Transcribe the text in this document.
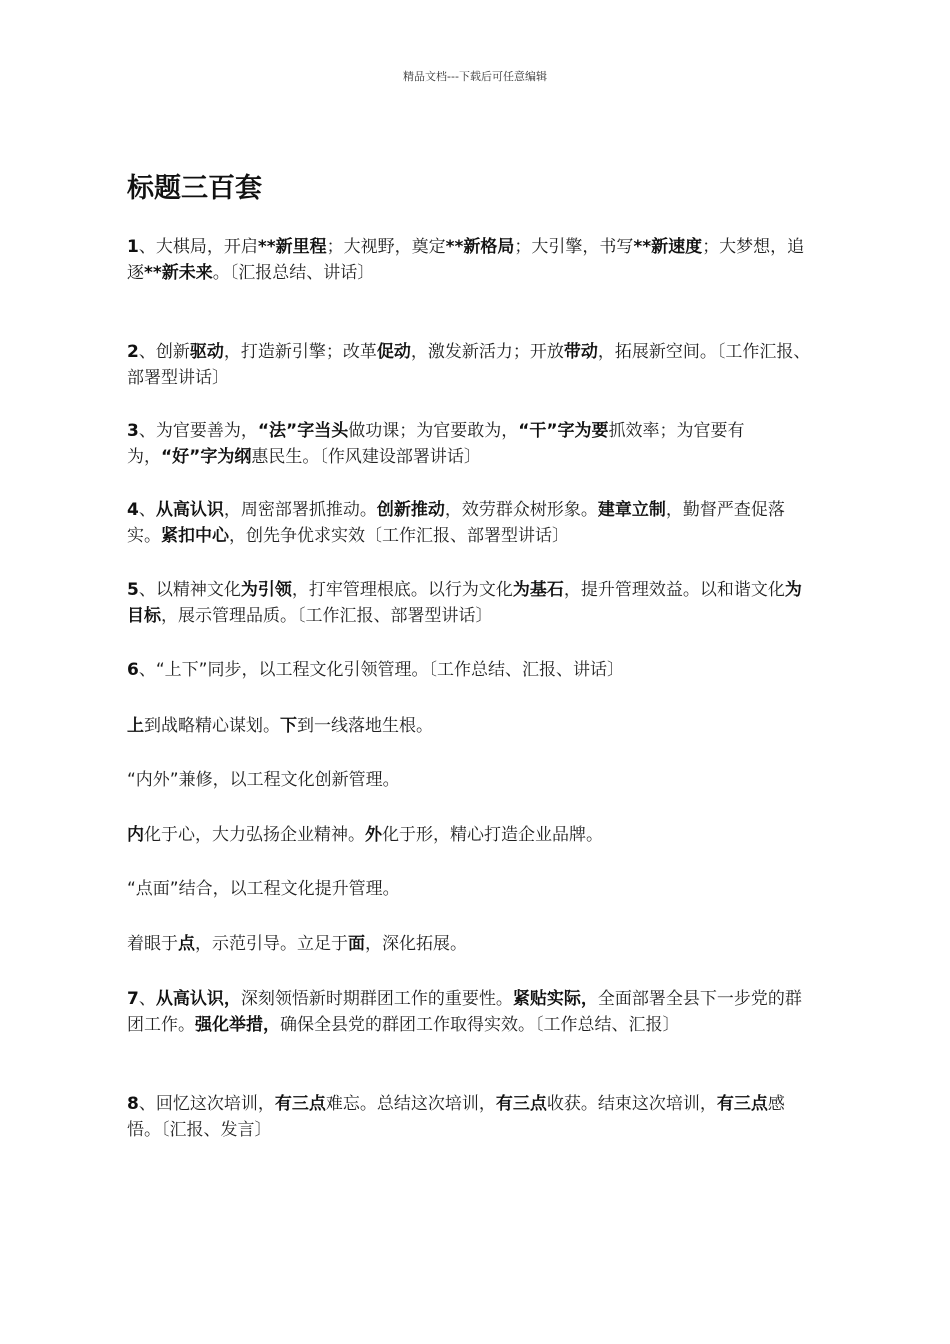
精品文档---下载后可任意编辑
标题三百套

1、大棋局，开启**新里程；大视野，奠定**新格局；大引擎，书写**新速度；大梦想，追逐**新未来。〔汇报总结、讲话〕

2、创新驱动，打造新引擎；改革促动，激发新活力；开放带动，拓展新空间。〔工作汇报、部署型讲话〕

3、为官要善为，“法”字当头做功课；为官要敢为，“干”字为要抓效率；为官要有为，“好”字为纲惠民生。〔作风建设部署讲话〕

4、从高认识，周密部署抓推动。创新推动，效劳群众树形象。建章立制，勤督严查促落实。紧扣中心，创先争优求实效〔工作汇报、部署型讲话〕

5、以精神文化为引领，打牢管理根底。以行为文化为基石，提升管理效益。以和谐文化为目标，展示管理品质。〔工作汇报、部署型讲话〕

6、“上下”同步，以工程文化引领管理。〔工作总结、汇报、讲话〕

上到战略精心谋划。下到一线落地生根。

“内外”兼修，以工程文化创新管理。

内化于心，大力弘扬企业精神。外化于形，精心打造企业品牌。

“点面”结合，以工程文化提升管理。

着眼于点，示范引导。立足于面，深化拓展。

7、从高认识，深刻领悟新时期群团工作的重要性。紧贴实际，全面部署全县下一步党的群团工作。强化举措，确保全县党的群团工作取得实效。〔工作总结、汇报〕

8、回忆这次培训，有三点难忘。总结这次培训，有三点收获。结束这次培训，有三点感悟。〔汇报、发言〕
